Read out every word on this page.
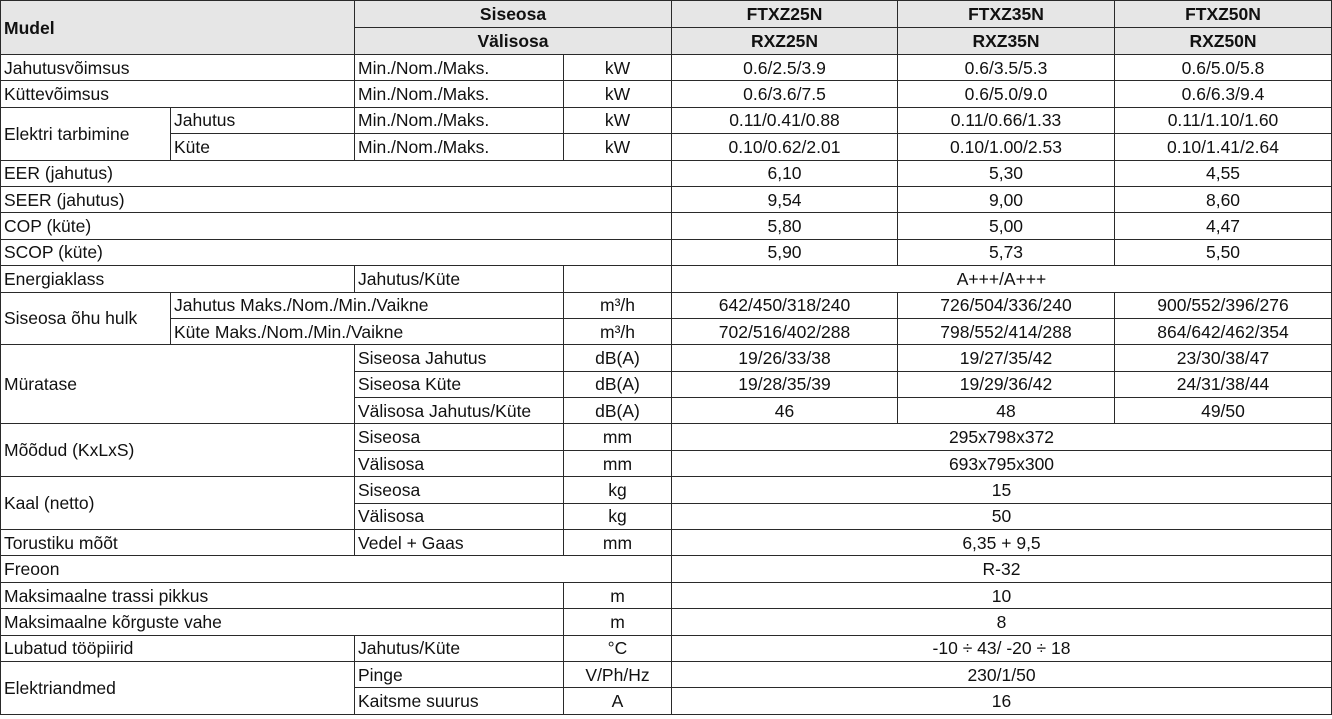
Mudel		Siseosa		FTXZ25N	FTXZ35N	FTXZ50N
		Välisosa		RXZ25N	RXZ35N	RXZ50N
Jahutusvõimsus		Min./Nom./Maks.	kW	0.6/2.5/3.9	0.6/3.5/5.3	0.6/5.0/5.8
Küttevõimsus		Min./Nom./Maks.	kW	0.6/3.6/7.5	0.6/5.0/9.0	0.6/6.3/9.4
Elektri tarbimine	Jahutus	Min./Nom./Maks.	kW	0.11/0.41/0.88	0.11/0.66/1.33	0.11/1.10/1.60
	Küte	Min./Nom./Maks.	kW	0.10/0.62/2.01	0.10/1.00/2.53	0.10/1.41/2.64
EER (jahutus)				6,10	5,30	4,55
SEER (jahutus)				9,54	9,00	8,60
COP (küte)				5,80	5,00	4,47
SCOP (küte)				5,90	5,73	5,50
Energiaklass		Jahutus/Küte		A+++/A+++		
Siseosa õhu hulk	Jahutus Maks./Nom./Min./Vaikne		m³/h	642/450/318/240	726/504/336/240	900/552/396/276
	Küte Maks./Nom./Min./Vaikne		m³/h	702/516/402/288	798/552/414/288	864/642/462/354
Müratase		Siseosa Jahutus	dB(A)	19/26/33/38	19/27/35/42	23/30/38/47
		Siseosa Küte	dB(A)	19/28/35/39	19/29/36/42	24/31/38/44
		Välisosa Jahutus/Küte	dB(A)	46	48	49/50
Mõõdud (KxLxS)		Siseosa	mm	295x798x372		
		Välisosa	mm	693x795x300		
Kaal (netto)		Siseosa	kg	15		
		Välisosa	kg	50		
Torustiku mõõt		Vedel + Gaas	mm	6,35 + 9,5		
Freoon				R-32		
Maksimaalne trassi pikkus			m	10		
Maksimaalne kõrguste vahe			m	8		
Lubatud tööpiirid		Jahutus/Küte	°C	-10 ÷ 43/ -20 ÷ 18		
Elektriandmed		Pinge	V/Ph/Hz	230/1/50		
		Kaitsme suurus	A	16		
